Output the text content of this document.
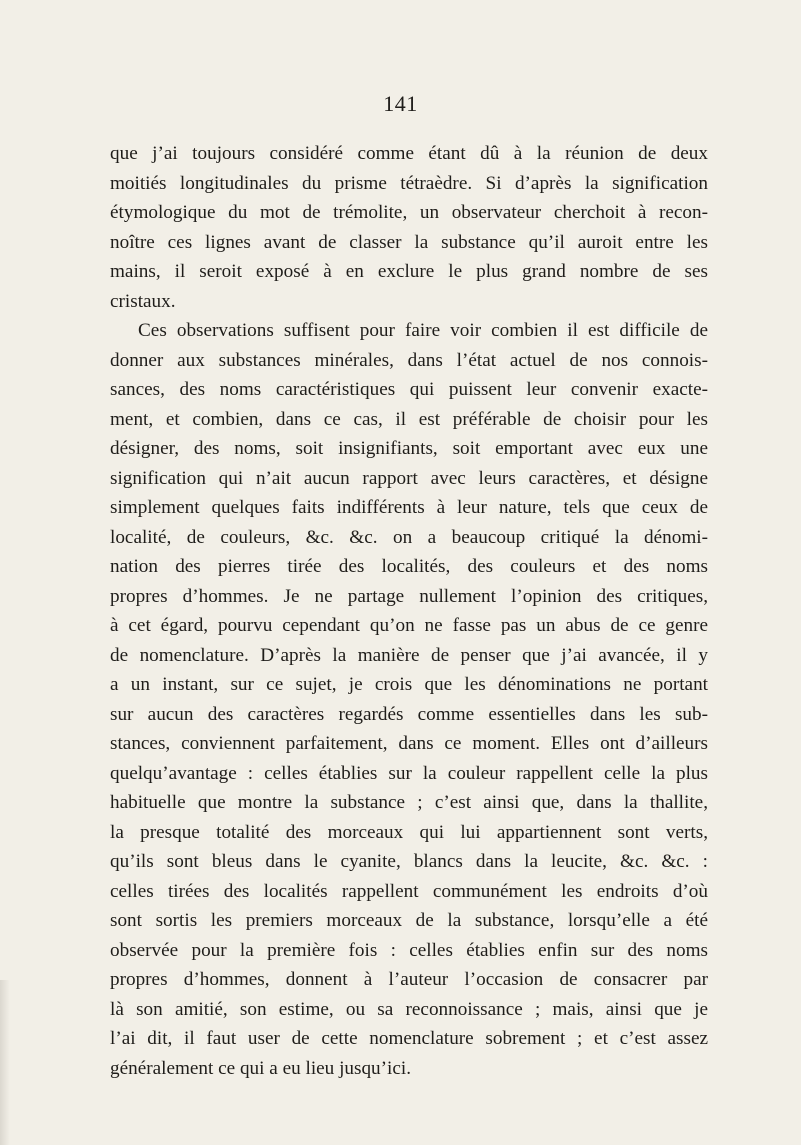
141

que j’ai toujours considéré comme étant dû à la réunion de deux
moitiés longitudinales du prisme tétraèdre. Si d’après la signification
étymologique du mot de trémolite, un observateur cherchoit à recon-
noître ces lignes avant de classer la substance qu’il auroit entre les
mains, il seroit exposé à en exclure le plus grand nombre de ses
cristaux.

Ces observations suffisent pour faire voir combien il est difficile de
donner aux substances minérales, dans l’état actuel de nos connois-
sances, des noms caractéristiques qui puissent leur convenir exacte-
ment, et combien, dans ce cas, il est préférable de choisir pour les
désigner, des noms, soit insignifiants, soit emportant avec eux une
signification qui n’ait aucun rapport avec leurs caractères, et désigne
simplement quelques faits indifférents à leur nature, tels que ceux de
localité, de couleurs, &c. &c. on a beaucoup critiqué la dénomi-
nation des pierres tirée des localités, des couleurs et des noms
propres d’hommes. Je ne partage nullement l’opinion des critiques,
à cet égard, pourvu cependant qu’on ne fasse pas un abus de ce genre
de nomenclature. D’après la manière de penser que j’ai avancée, il y
a un instant, sur ce sujet, je crois que les dénominations ne portant
sur aucun des caractères regardés comme essentielles dans les sub-
stances, conviennent parfaitement, dans ce moment. Elles ont d’ailleurs
quelqu’avantage : celles établies sur la couleur rappellent celle la plus
habituelle que montre la substance ; c’est ainsi que, dans la thallite,
la presque totalité des morceaux qui lui appartiennent sont verts,
qu’ils sont bleus dans le cyanite, blancs dans la leucite, &c. &c. :
celles tirées des localités rappellent communément les endroits d’où
sont sortis les premiers morceaux de la substance, lorsqu’elle a été
observée pour la première fois : celles établies enfin sur des noms
propres d’hommes, donnent à l’auteur l’occasion de consacrer par
là son amitié, son estime, ou sa reconnoissance ; mais, ainsi que je
l’ai dit, il faut user de cette nomenclature sobrement ; et c’est assez
généralement ce qui a eu lieu jusqu’ici.
